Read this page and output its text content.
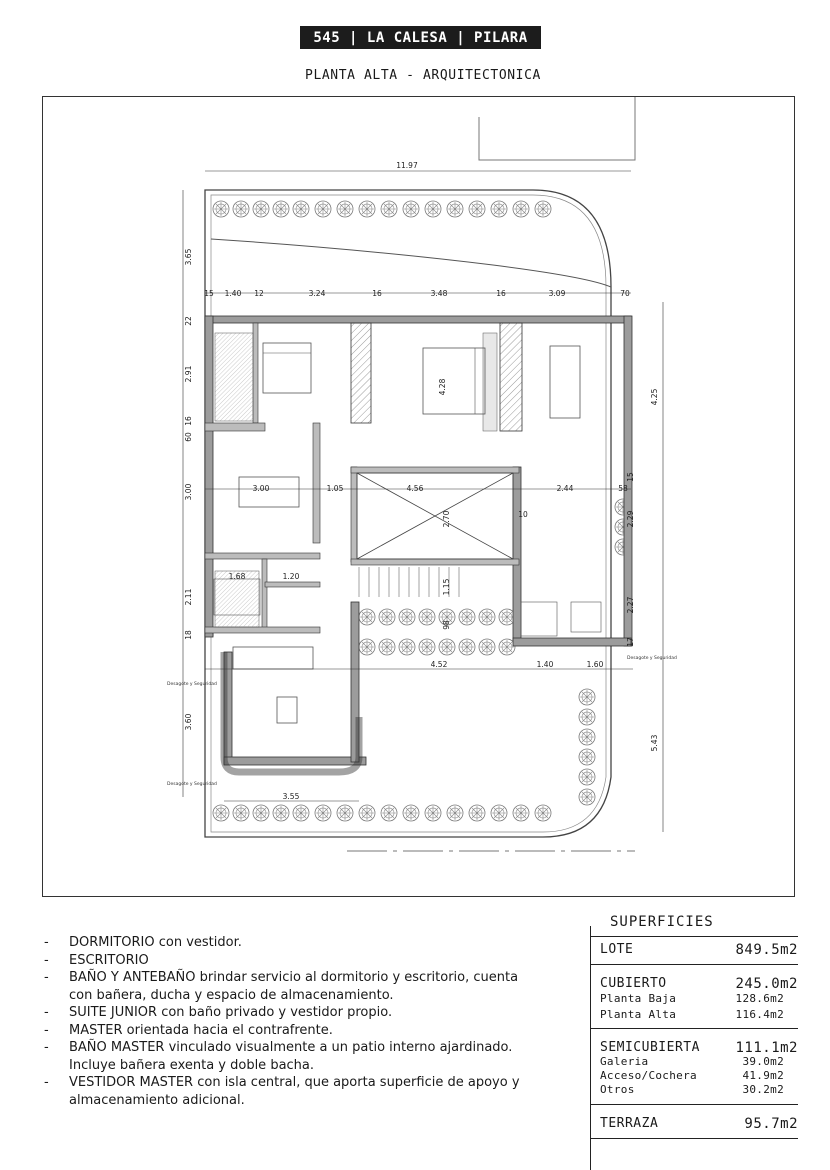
545 | LA CALESA | PILARA
PLANTA ALTA - ARQUITECTONICA
11.97
1.40	3.24	3.48	3.09
15	12	16	16	70
3.65
2.91
60
3.00
2.11
3.60
4.25
2.29
2.27
5.43
3.00	1.05	4.56	2.44	58
1.68	1.20
4.52	1.40	1.60
3.55
4.28
2.70
1.15
10
22
16
15
17
18
98
Desagote y Seguridad
Desagote y Seguridad
Desagote y Seguridad
- DORMITORIO con vestidor.
- ESCRITORIO
- BAÑO Y ANTEBAÑO brindar servicio al dormitorio y escritorio, cuenta con bañera, ducha y espacio de almacenamiento.
- SUITE JUNIOR con baño privado y vestidor propio.
- MASTER orientada hacia el contrafrente.
- BAÑO MASTER vinculado visualmente a un patio interno ajardinado. Incluye bañera exenta y doble bacha.
- VESTIDOR MASTER con isla central, que aporta superficie de apoyo y almacenamiento adicional.
SUPERFICIES
LOTE	849.5m2
CUBIERTO	245.0m2
Planta Baja	128.6m2
Planta Alta	116.4m2
SEMICUBIERTA	111.1m2
Galeria	39.0m2
Acceso/Cochera	41.9m2
Otros	30.2m2
TERRAZA	95.7m2
